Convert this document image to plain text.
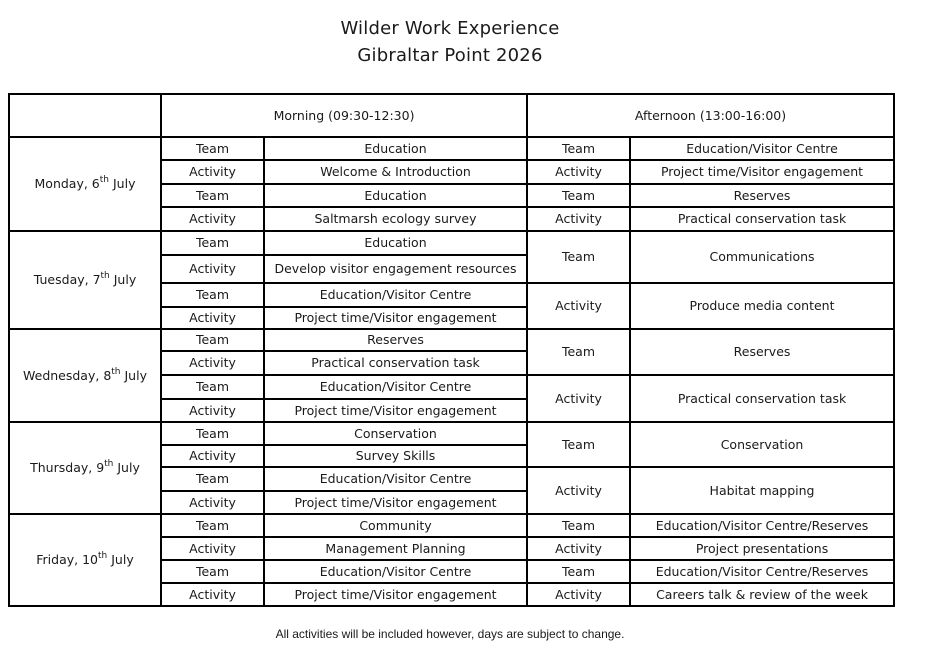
Wilder Work Experience
Gibraltar Point 2026
	Morning (09:30-12:30)		Afternoon (13:00-16:00)	
Monday, 6th July	Team	Education	Team	Education/Visitor Centre
	Activity	Welcome & Introduction	Activity	Project time/Visitor engagement
	Team	Education	Team	Reserves
	Activity	Saltmarsh ecology survey	Activity	Practical conservation task
Tuesday, 7th July	Team	Education	Team	Communications
	Activity	Develop visitor engagement resources		
	Team	Education/Visitor Centre	Activity	Produce media content
	Activity	Project time/Visitor engagement		
Wednesday, 8th July	Team	Reserves	Team	Reserves
	Activity	Practical conservation task		
	Team	Education/Visitor Centre	Activity	Practical conservation task
	Activity	Project time/Visitor engagement		
Thursday, 9th July	Team	Conservation	Team	Conservation
	Activity	Survey Skills		
	Team	Education/Visitor Centre	Activity	Habitat mapping
	Activity	Project time/Visitor engagement		
Friday, 10th July	Team	Community	Team	Education/Visitor Centre/Reserves
	Activity	Management Planning	Activity	Project presentations
	Team	Education/Visitor Centre	Team	Education/Visitor Centre/Reserves
	Activity	Project time/Visitor engagement	Activity	Careers talk & review of the week
All activities will be included however, days are subject to change.
